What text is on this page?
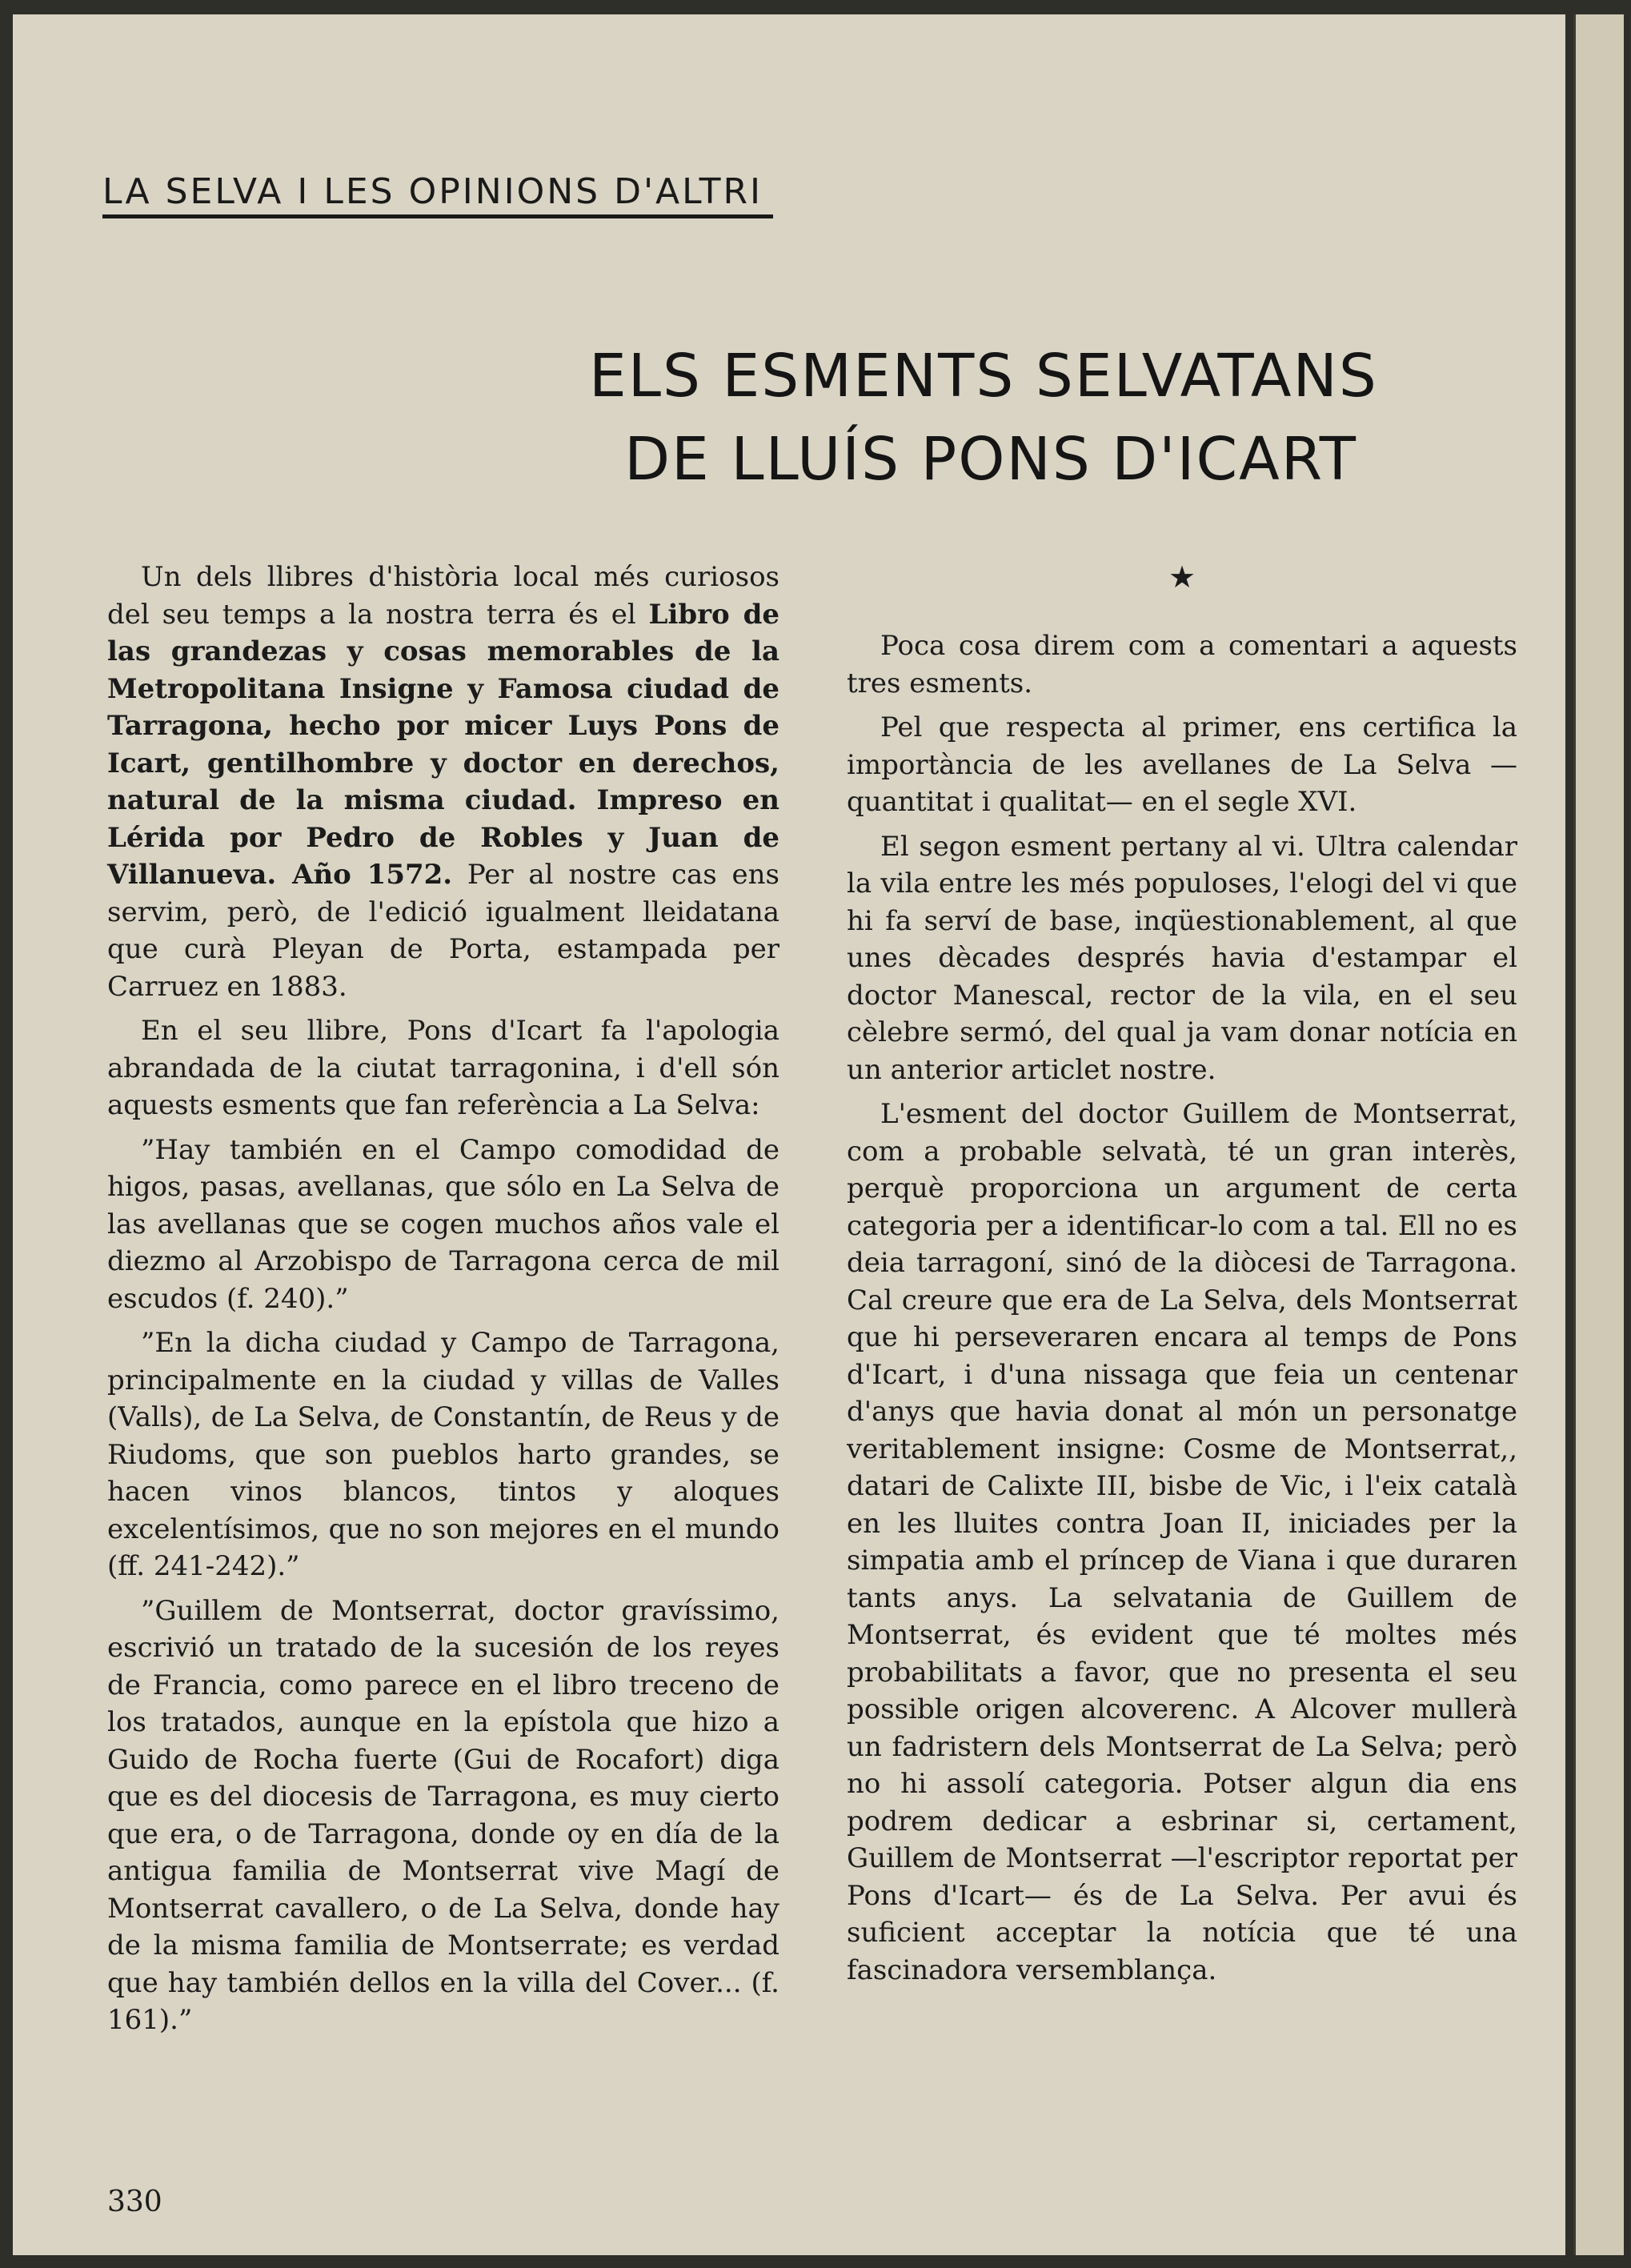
LA SELVA I LES OPINIONS D'ALTRI
ELS ESMENTS SELVATANS
DE LLUÍS PONS D'ICART

Un dels llibres d'història local més curiosos del seu temps a la nostra terra és el Libro de las grandezas y cosas memorables de la Metropolitana Insigne y Famosa ciudad de Tarragona, hecho por micer Luys Pons de Icart, gentilhombre y doctor en derechos, natural de la misma ciudad. Impreso en Lérida por Pedro de Robles y Juan de Villanueva. Año 1572. Per al nostre cas ens servim, però, de l'edició igualment lleidatana que curà Pleyan de Porta, estampada per Carruez en 1883.

En el seu llibre, Pons d'Icart fa l'apologia abrandada de la ciutat tarragonina, i d'ell són aquests esments que fan referència a La Selva:

”Hay también en el Campo comodidad de higos, pasas, avellanas, que sólo en La Selva de las avellanas que se cogen muchos años vale el diezmo al Arzobispo de Tarragona cerca de mil escudos (f. 240).”

”En la dicha ciudad y Campo de Tarragona, principalmente en la ciudad y villas de Valles (Valls), de La Selva, de Constantín, de Reus y de Riudoms, que son pueblos harto grandes, se hacen vinos blancos, tintos y aloques excelentísimos, que no son mejores en el mundo (ff. 241-242).”

”Guillem de Montserrat, doctor gravíssimo, escrivió un tratado de la sucesión de los reyes de Francia, como parece en el libro treceno de los tratados, aunque en la epístola que hizo a Guido de Rocha fuerte (Gui de Rocafort) diga que es del diocesis de Tarragona, es muy cierto que era, o de Tarragona, donde oy en día de la antigua familia de Montserrat vive Magí de Montserrat cavallero, o de La Selva, donde hay de la misma familia de Montserrate; es verdad que hay también dellos en la villa del Cover... (f. 161).”

★

Poca cosa direm com a comentari a aquests tres esments.

Pel que respecta al primer, ens certifica la importància de les avellanes de La Selva —quantitat i qualitat— en el segle XVI.

El segon esment pertany al vi. Ultra calendar la vila entre les més populoses, l'elogi del vi que hi fa serví de base, inqüestionablement, al que unes dècades després havia d'estampar el doctor Manescal, rector de la vila, en el seu cèlebre sermó, del qual ja vam donar notícia en un anterior articlet nostre.

L'esment del doctor Guillem de Montserrat, com a probable selvatà, té un gran interès, perquè proporciona un argument de certa categoria per a identificar-lo com a tal. Ell no es deia tarragoní, sinó de la diòcesi de Tarragona. Cal creure que era de La Selva, dels Montserrat que hi perseveraren encara al temps de Pons d'Icart, i d'una nissaga que feia un centenar d'anys que havia donat al món un personatge veritablement insigne: Cosme de Montserrat,, datari de Calixte III, bisbe de Vic, i l'eix català en les lluites contra Joan II, iniciades per la simpatia amb el príncep de Viana i que duraren tants anys. La selvatania de Guillem de Montserrat, és evident que té moltes més probabilitats a favor, que no presenta el seu possible origen alcoverenc. A Alcover mullerà un fadristern dels Montserrat de La Selva; però no hi assolí categoria. Potser algun dia ens podrem dedicar a esbrinar si, certament, Guillem de Montserrat —l'escriptor reportat per Pons d'Icart— és de La Selva. Per avui és suficient acceptar la notícia que té una fascinadora versemblança.

330
